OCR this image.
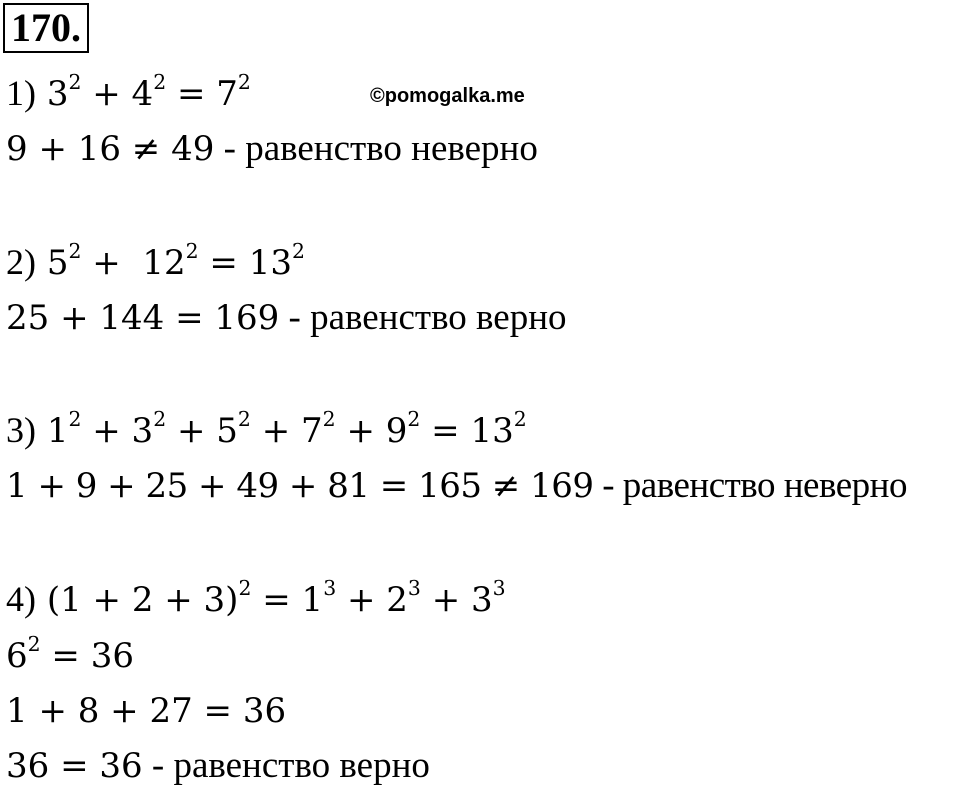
170.
©pomogalka.me
1) $3^2 + 4^2 = 7^2$
9 + 16 ≠ 49 - равенство неверно
2) $5^2 + 12^2 = 13^2$
25 + 144 = 169 - равенство верно
3) $1^2 + 3^2 + 5^2 + 7^2 + 9^2 = 13^2$
1 + 9 + 25 + 49 + 81 = 165 ≠ 169 - равенство неверно
4) $(1 + 2 + 3)^2 = 1^3 + 2^3 + 3^3$
$6^2 = 36$
1 + 8 + 27 = 36
36 = 36 - равенство верно
